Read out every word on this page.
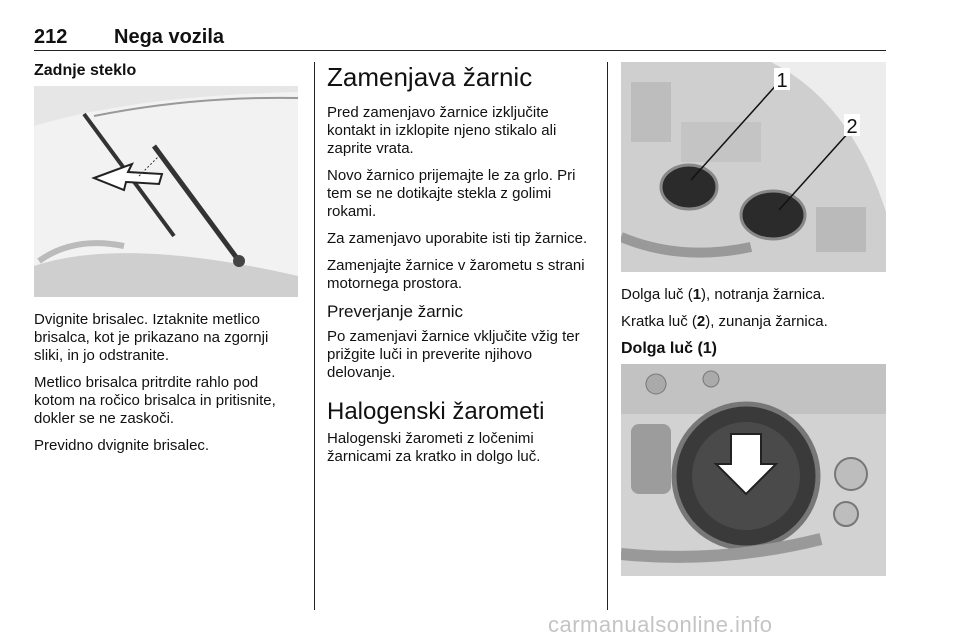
212 Nega vozila
Zadnje steklo

Dvignite brisalec. Iztaknite metlico brisalca, kot je prikazano na zgornji sliki, in jo odstranite.

Metlico brisalca pritrdite rahlo pod kotom na ročico brisalca in pritisnite, dokler se ne zaskoči.

Previdno dvignite brisalec.

Zamenjava žarnic

Pred zamenjavo žarnice izključite kontakt in izklopite njeno stikalo ali zaprite vrata.

Novo žarnico prijemajte le za grlo. Pri tem se ne dotikajte stekla z golimi rokami.

Za zamenjavo uporabite isti tip žarnice.

Zamenjajte žarnice v žarometu s strani motornega prostora.

Preverjanje žarnic

Po zamenjavi žarnice vključite vžig ter prižgite luči in preverite njihovo delovanje.

Halogenski žarometi

Halogenski žarometi z ločenimi žarnicami za kratko in dolgo luč.

1
2

Dolga luč (1), notranja žarnica.

Kratka luč (2), zunanja žarnica.

Dolga luč (1)
carmanualsonline.info
